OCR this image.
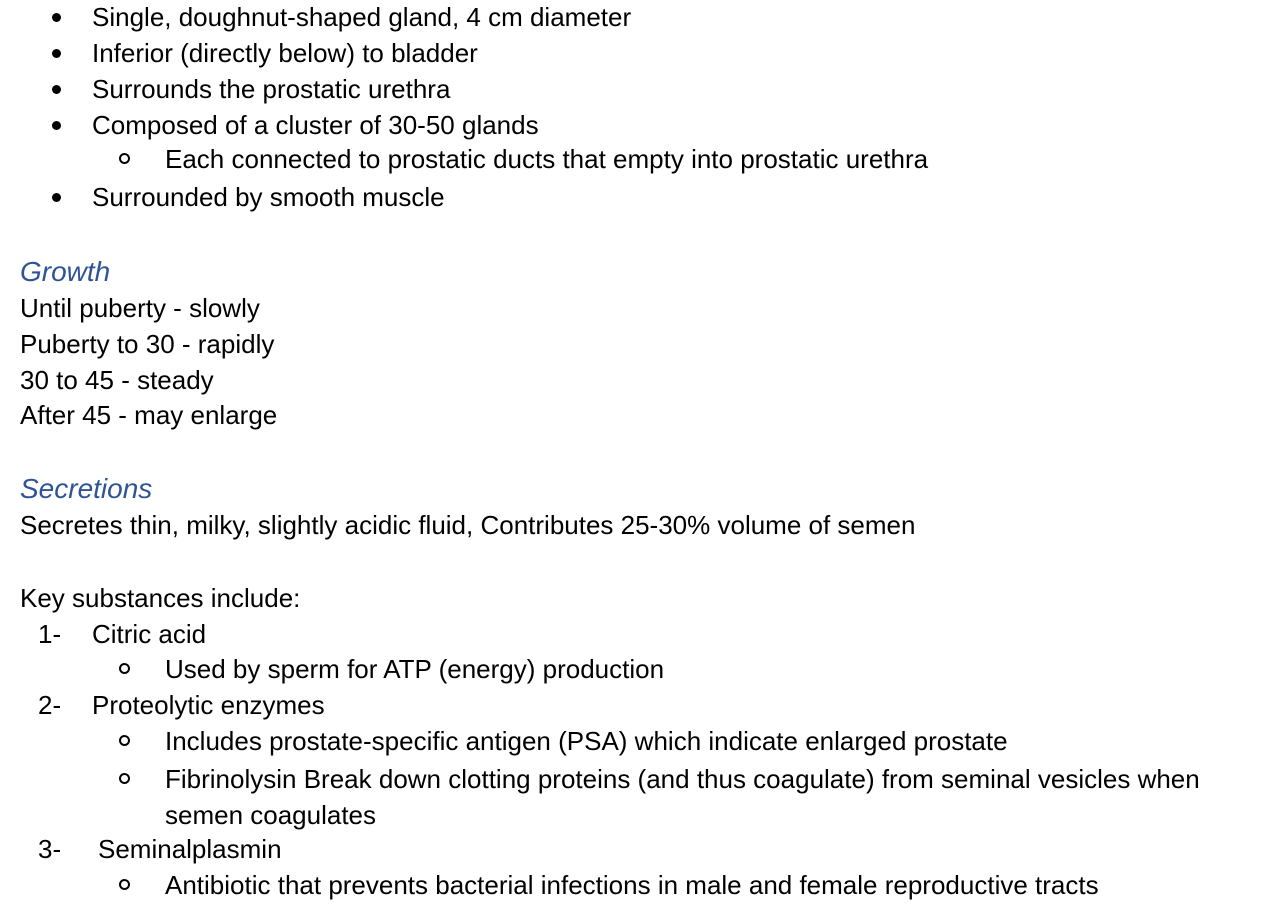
Single, doughnut-shaped gland, 4 cm diameter
Inferior (directly below) to bladder
Surrounds the prostatic urethra
Composed of a cluster of 30-50 glands
Each connected to prostatic ducts that empty into prostatic urethra
Surrounded by smooth muscle
Growth
Until puberty - slowly
Puberty to 30 - rapidly
30 to 45 - steady
After 45 - may enlarge
Secretions
Secretes thin, milky, slightly acidic fluid, Contributes 25-30% volume of semen
Key substances include:
1- Citric acid
Used by sperm for ATP (energy) production
2- Proteolytic enzymes
Includes prostate-specific antigen (PSA) which indicate enlarged prostate
Fibrinolysin Break down clotting proteins (and thus coagulate) from seminal vesicles when
semen coagulates
3- Seminalplasmin
Antibiotic that prevents bacterial infections in male and female reproductive tracts
